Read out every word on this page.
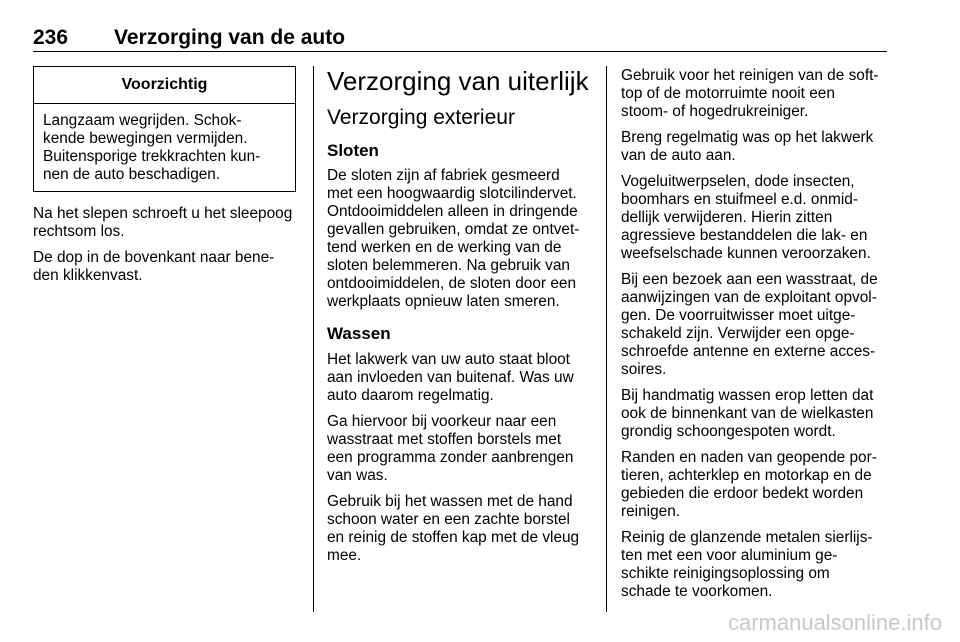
236 Verzorging van de auto
Voorzichtig

Langzaam wegrijden. Schok-
kende bewegingen vermijden.
Buitensporige trekkrachten kun-
nen de auto beschadigen.

Na het slepen schroeft u het sleepoog
rechtsom los.

De dop in de bovenkant naar bene-
den klikkenvast.

Verzorging van uiterlijk
Verzorging exterieur
Sloten

De sloten zijn af fabriek gesmeerd
met een hoogwaardig slotcilindervet.
Ontdooimiddelen alleen in dringende
gevallen gebruiken, omdat ze ontvet-
tend werken en de werking van de
sloten belemmeren. Na gebruik van
ontdooimiddelen, de sloten door een
werkplaats opnieuw laten smeren.

Wassen

Het lakwerk van uw auto staat bloot
aan invloeden van buitenaf. Was uw
auto daarom regelmatig.

Ga hiervoor bij voorkeur naar een
wasstraat met stoffen borstels met
een programma zonder aanbrengen
van was.

Gebruik bij het wassen met de hand
schoon water en een zachte borstel
en reinig de stoffen kap met de vleug
mee.

Gebruik voor het reinigen van de soft-
top of de motorruimte nooit een
stoom- of hogedrukreiniger.

Breng regelmatig was op het lakwerk
van de auto aan.

Vogeluitwerpselen, dode insecten,
boomhars en stuifmeel e.d. onmid-
dellijk verwijderen. Hierin zitten
agressieve bestanddelen die lak- en
weefselschade kunnen veroorzaken.

Bij een bezoek aan een wasstraat, de
aanwijzingen van de exploitant opvol-
gen. De voorruitwisser moet uitge-
schakeld zijn. Verwijder een opge-
schroefde antenne en externe acces-
soires.

Bij handmatig wassen erop letten dat
ook de binnenkant van de wielkasten
grondig schoongespoten wordt.

Randen en naden van geopende por-
tieren, achterklep en motorkap en de
gebieden die erdoor bedekt worden
reinigen.

Reinig de glanzende metalen sierlijs-
ten met een voor aluminium ge-
schikte reinigingsoplossing om
schade te voorkomen.

carmanualsonline.info
